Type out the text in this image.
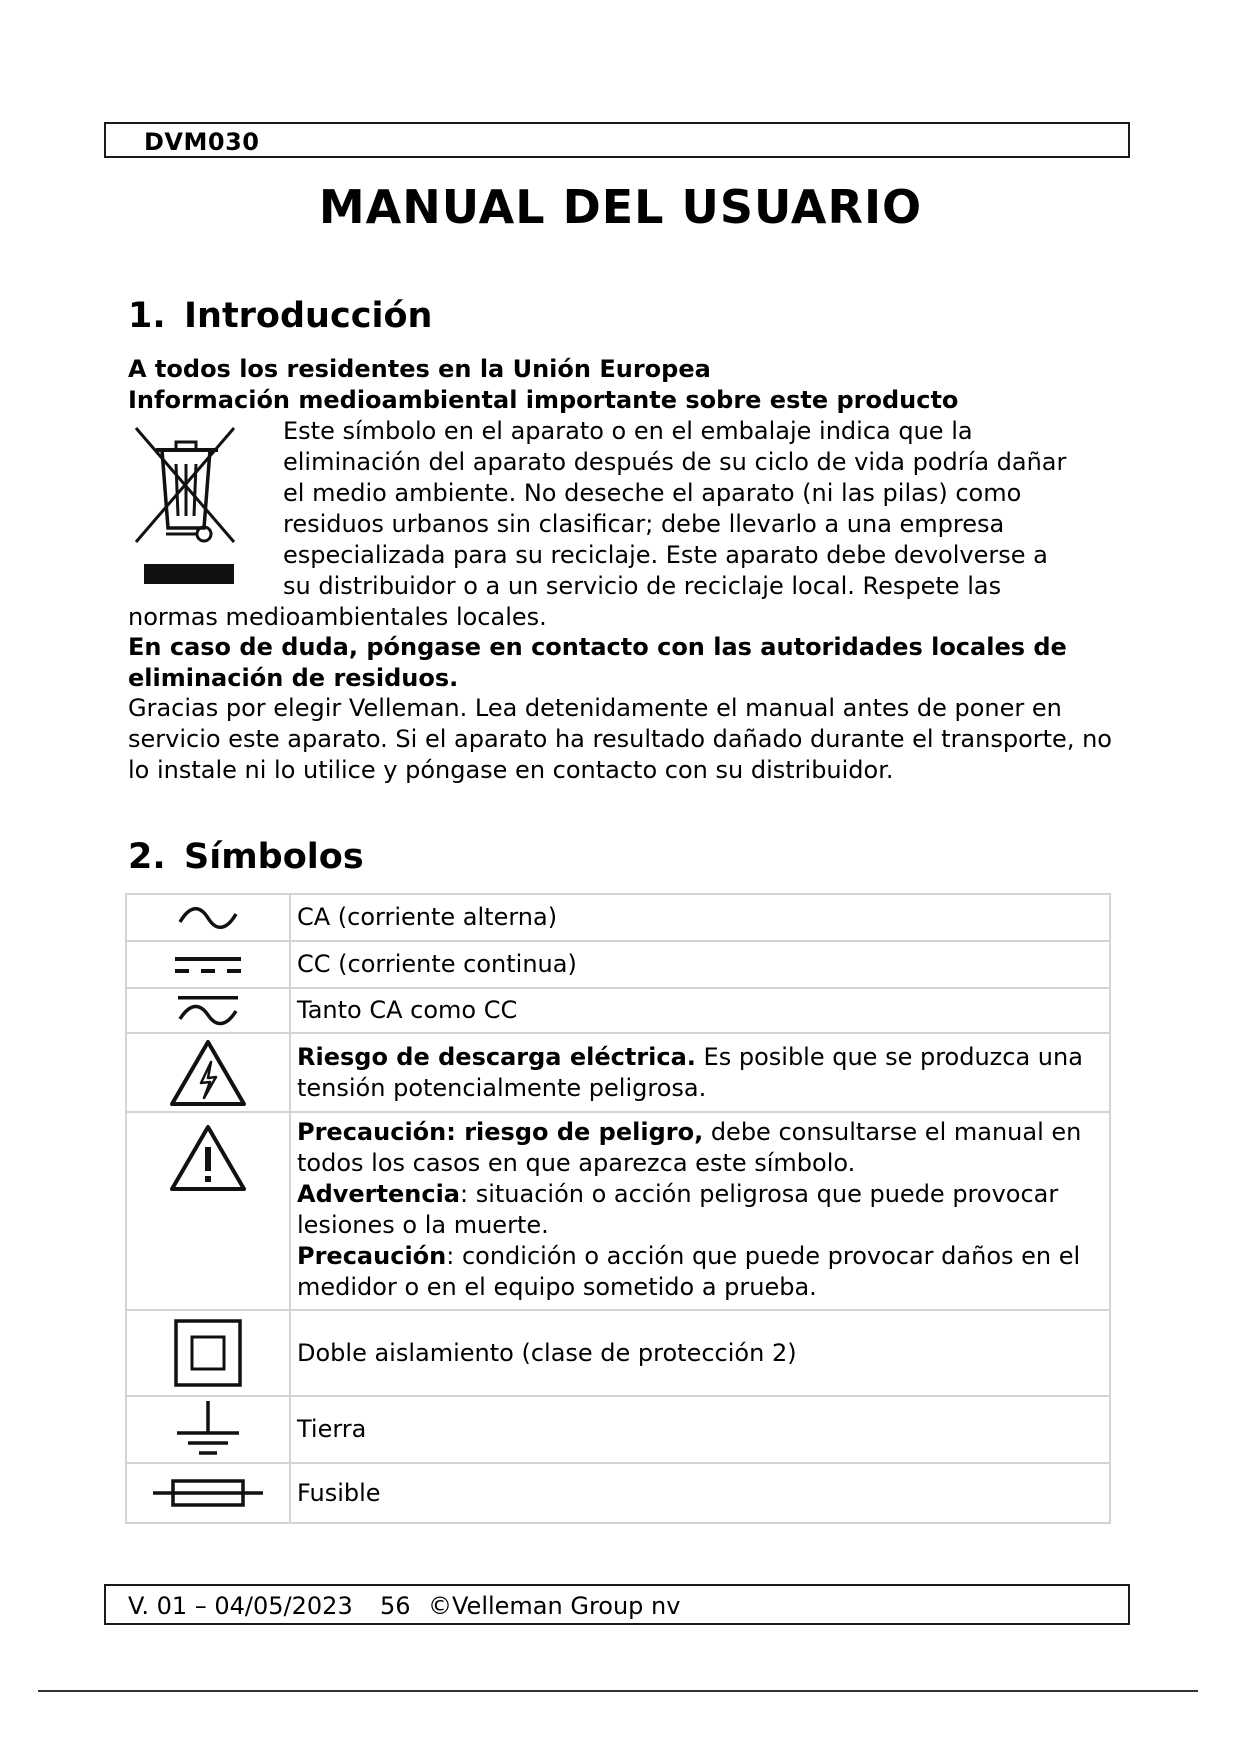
DVM030
MANUAL DEL USUARIO
1. Introducción
A todos los residentes en la Unión Europea
Información medioambiental importante sobre este producto
Este símbolo en el aparato o en el embalaje indica que la
eliminación del aparato después de su ciclo de vida podría dañar
el medio ambiente. No deseche el aparato (ni las pilas) como
residuos urbanos sin clasificar; debe llevarlo a una empresa
especializada para su reciclaje. Este aparato debe devolverse a
su distribuidor o a un servicio de reciclaje local. Respete las
normas medioambientales locales.
En caso de duda, póngase en contacto con las autoridades locales de eliminación de residuos.
Gracias por elegir Velleman. Lea detenidamente el manual antes de poner en servicio este aparato. Si el aparato ha resultado dañado durante el transporte, no lo instale ni lo utilice y póngase en contacto con su distribuidor.
2. Símbolos
	CA (corriente alterna)

	CC (corriente continua)

	Tanto CA como CC

	Riesgo de descarga eléctrica. Es posible que se produzca una tensión potencialmente peligrosa.

Precaución: riesgo de peligro, debe consultarse el manual en todos los casos en que aparezca este símbolo.
Advertencia: situación o acción peligrosa que puede provocar lesiones o la muerte.
Precaución: condición o acción que puede provocar daños en el medidor o en el equipo sometido a prueba.

	Doble aislamiento (clase de protección 2)

	Tierra

	Fusible
V. 01 – 04/05/2023 56 ©Velleman Group nv
